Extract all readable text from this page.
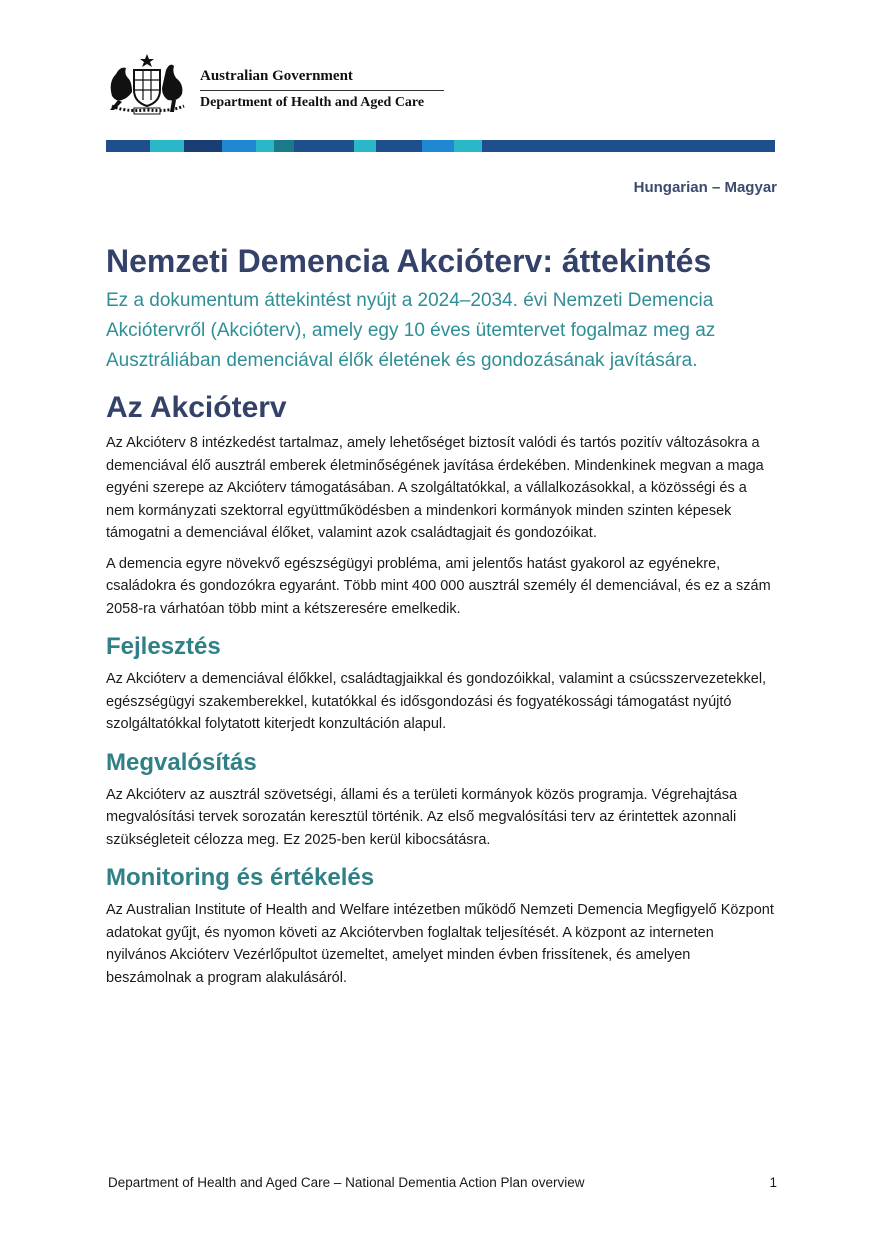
Australian Government
Department of Health and Aged Care
Hungarian – Magyar
Nemzeti Demencia Akcióterv: áttekintés

Ez a dokumentum áttekintést nyújt a 2024–2034. évi Nemzeti Demencia Akciótervről (Akcióterv), amely egy 10 éves ütemtervet fogalmaz meg az Ausztráliában demenciával élők életének és gondozásának javítására.

Az Akcióterv

Az Akcióterv 8 intézkedést tartalmaz, amely lehetőséget biztosít valódi és tartós pozitív változásokra a demenciával élő ausztrál emberek életminőségének javítása érdekében. Mindenkinek megvan a maga egyéni szerepe az Akcióterv támogatásában. A szolgáltatókkal, a vállalkozásokkal, a közösségi és a nem kormányzati szektorral együttműködésben a mindenkori kormányok minden szinten képesek támogatni a demenciával élőket, valamint azok családtagjait és gondozóikat.

A demencia egyre növekvő egészségügyi probléma, ami jelentős hatást gyakorol az egyénekre, családokra és gondozókra egyaránt. Több mint 400 000 ausztrál személy él demenciával, és ez a szám 2058-ra várhatóan több mint a kétszeresére emelkedik.

Fejlesztés

Az Akcióterv a demenciával élőkkel, családtagjaikkal és gondozóikkal, valamint a csúcsszervezetekkel, egészségügyi szakemberekkel, kutatókkal és idősgondozási és fogyatékossági támogatást nyújtó szolgáltatókkal folytatott kiterjedt konzultáción alapul.

Megvalósítás

Az Akcióterv az ausztrál szövetségi, állami és a területi kormányok közös programja. Végrehajtása megvalósítási tervek sorozatán keresztül történik. Az első megvalósítási terv az érintettek azonnali szükségleteit célozza meg. Ez 2025-ben kerül kibocsátásra.

Monitoring és értékelés

Az Australian Institute of Health and Welfare intézetben működő Nemzeti Demencia Megfigyelő Központ adatokat gyűjt, és nyomon követi az Akciótervben foglaltak teljesítését. A központ az interneten nyilvános Akcióterv Vezérlőpultot üzemeltet, amelyet minden évben frissítenek, és amelyen beszámolnak a program alakulásáról.

Department of Health and Aged Care – National Dementia Action Plan overview	1
